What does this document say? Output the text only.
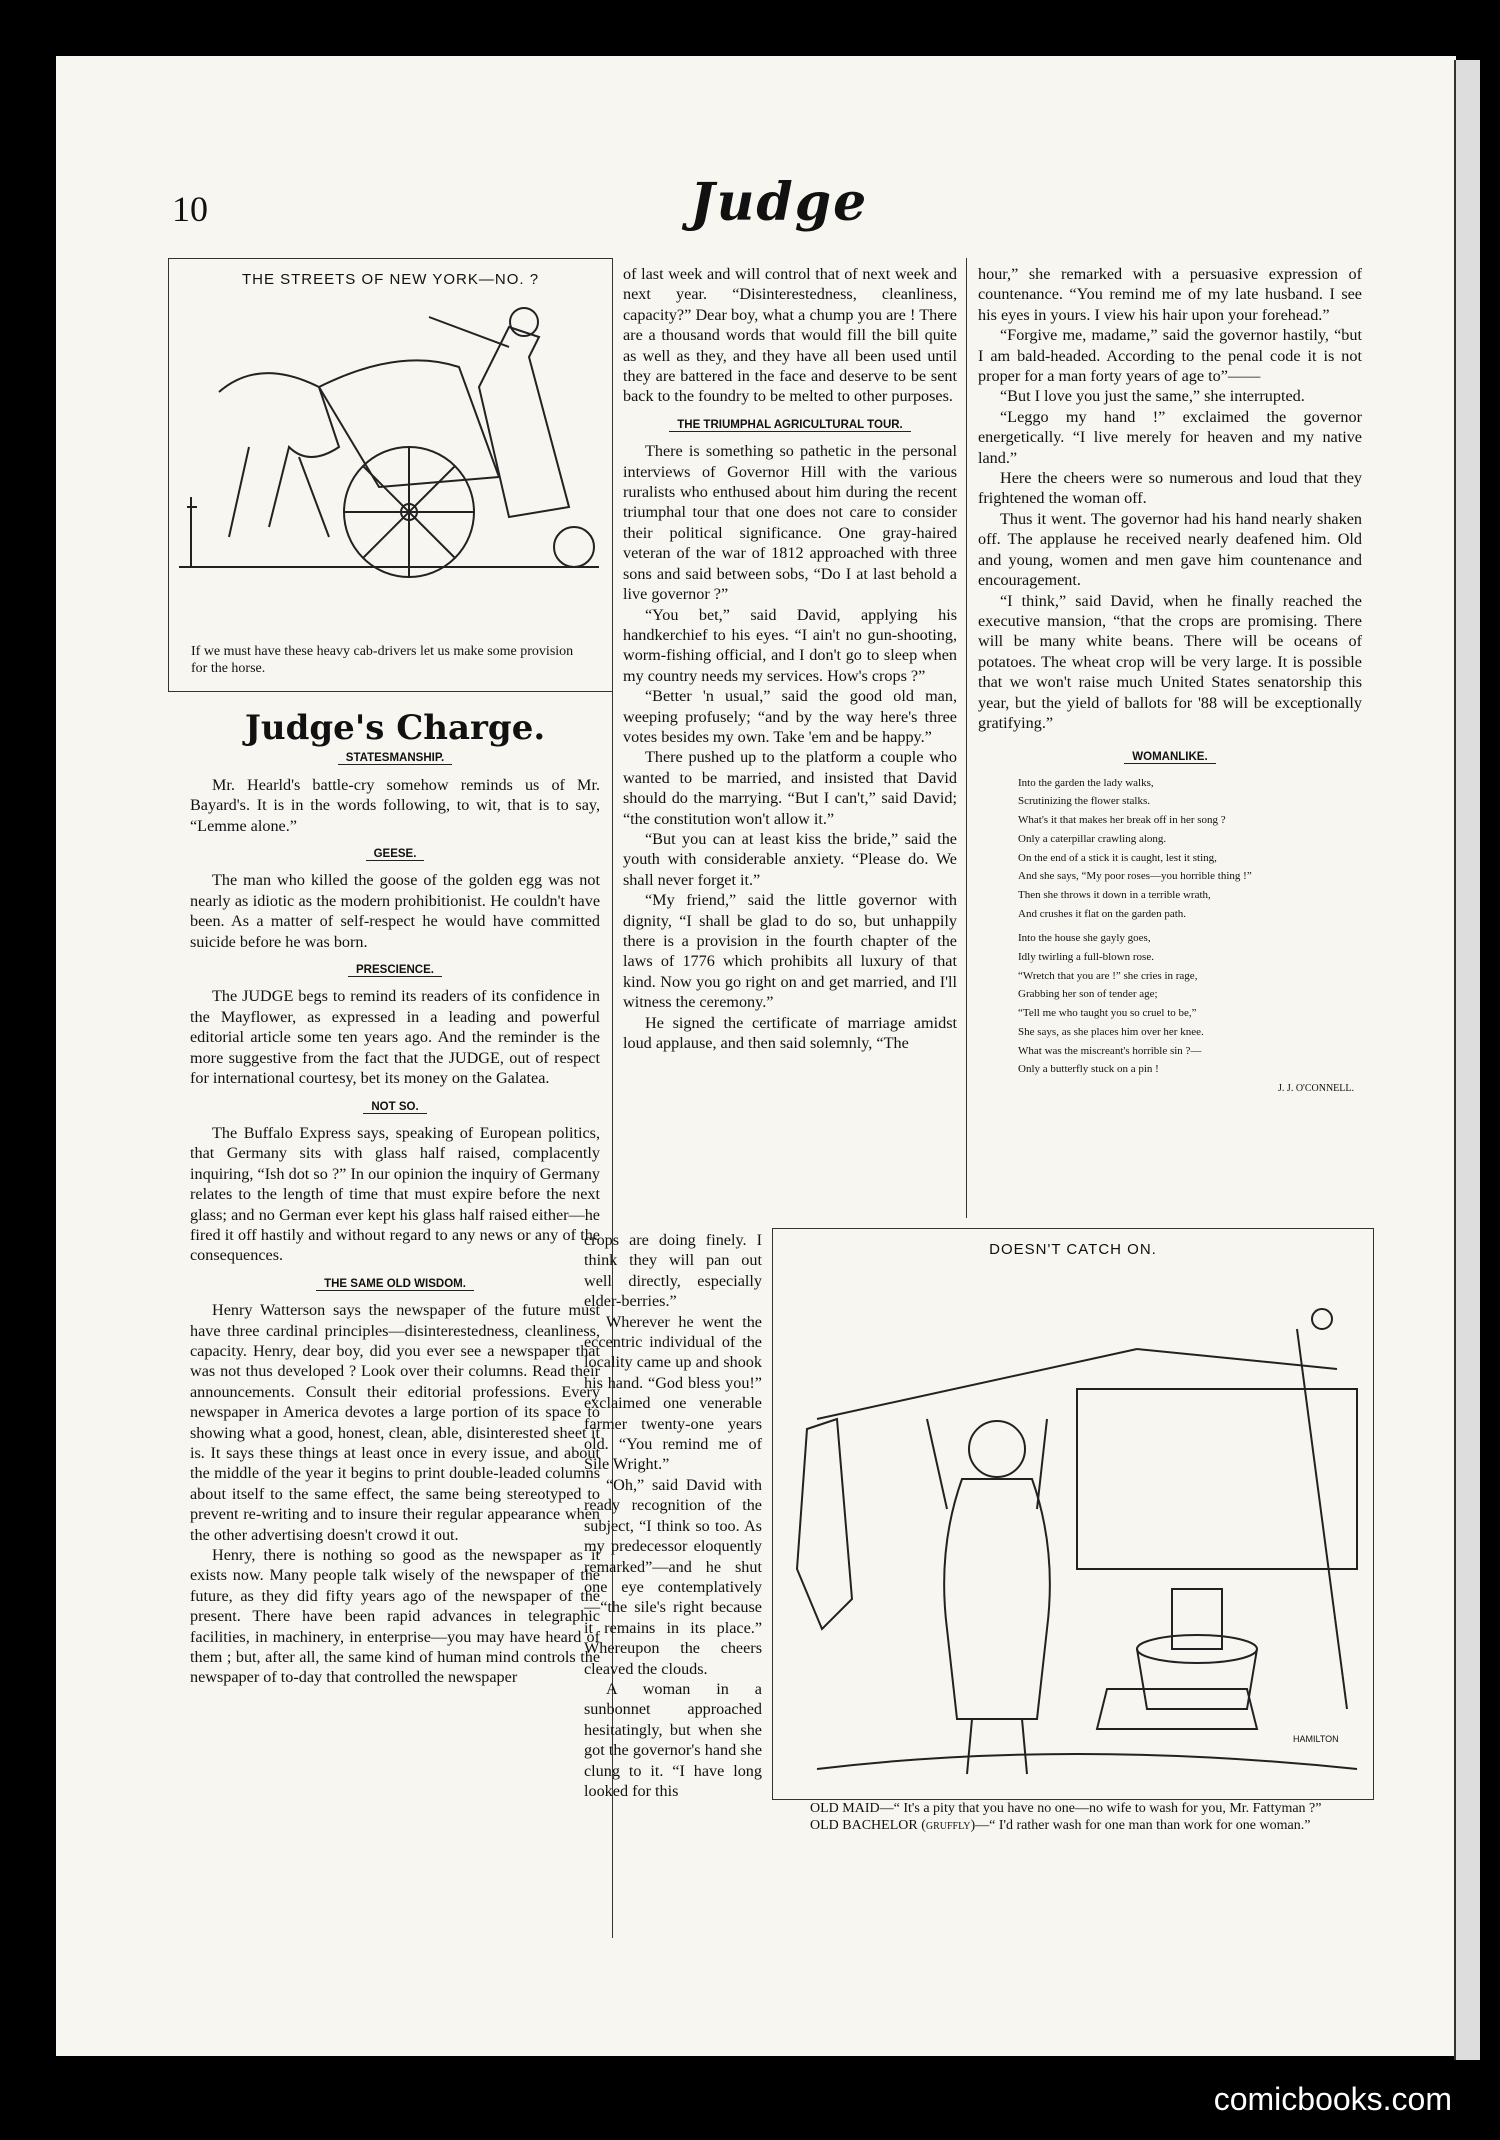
10	Judge
THE STREETS OF NEW YORK—NO. ?
If we must have these heavy cab-drivers let us make some provision for the horse.
Judge's Charge.
STATESMANSHIP.

Mr. Hearld's battle-cry somehow reminds us of Mr. Bayard's. It is in the words following, to wit, that is to say, “Lemme alone.”

GEESE.

The man who killed the goose of the golden egg was not nearly as idiotic as the modern prohibitionist. He couldn't have been. As a matter of self-respect he would have committed suicide before he was born.

PRESCIENCE.

The JUDGE begs to remind its readers of its confidence in the Mayflower, as expressed in a leading and powerful editorial article some ten years ago. And the reminder is the more suggestive from the fact that the JUDGE, out of respect for international courtesy, bet its money on the Galatea.

NOT SO.

The Buffalo Express says, speaking of European politics, that Germany sits with glass half raised, complacently inquiring, “Ish dot so ?” In our opinion the inquiry of Germany relates to the length of time that must expire before the next glass; and no German ever kept his glass half raised either—he fired it off hastily and without regard to any news or any of the consequences.

THE SAME OLD WISDOM.

Henry Watterson says the newspaper of the future must have three cardinal principles—disinterestedness, cleanliness, capacity. Henry, dear boy, did you ever see a newspaper that was not thus developed ? Look over their columns. Read their announcements. Consult their editorial professions. Every newspaper in America devotes a large portion of its space to showing what a good, honest, clean, able, disinterested sheet it is. It says these things at least once in every issue, and about the middle of the year it begins to print double-leaded columns about itself to the same effect, the same being stereotyped to prevent re-writing and to insure their regular appearance when the other advertising doesn't crowd it out.

Henry, there is nothing so good as the newspaper as it exists now. Many people talk wisely of the newspaper of the future, as they did fifty years ago of the newspaper of the present. There have been rapid advances in telegraphic facilities, in machinery, in enterprise—you may have heard of them ; but, after all, the same kind of human mind controls the newspaper of to-day that controlled the newspaper

of last week and will control that of next week and next year. “Disinterestedness, cleanliness, capacity?” Dear boy, what a chump you are ! There are a thousand words that would fill the bill quite as well as they, and they have all been used until they are battered in the face and deserve to be sent back to the foundry to be melted to other purposes.

THE TRIUMPHAL AGRICULTURAL TOUR.

There is something so pathetic in the personal interviews of Governor Hill with the various ruralists who enthused about him during the recent triumphal tour that one does not care to consider their political significance. One gray-haired veteran of the war of 1812 approached with three sons and said between sobs, “Do I at last behold a live governor ?”

“You bet,” said David, applying his handkerchief to his eyes. “I ain't no gun-shooting, worm-fishing official, and I don't go to sleep when my country needs my services. How's crops ?”

“Better 'n usual,” said the good old man, weeping profusely; “and by the way here's three votes besides my own. Take 'em and be happy.”

There pushed up to the platform a couple who wanted to be married, and insisted that David should do the marrying. “But I can't,” said David; “the constitution won't allow it.”

“But you can at least kiss the bride,” said the youth with considerable anxiety. “Please do. We shall never forget it.”

“My friend,” said the little governor with dignity, “I shall be glad to do so, but unhappily there is a provision in the fourth chapter of the laws of 1776 which prohibits all luxury of that kind. Now you go right on and get married, and I'll witness the ceremony.”

He signed the certificate of marriage amidst loud applause, and then said solemnly, “The

crops are doing finely. I think they will pan out well directly, especially elder-berries.”

Wherever he went the eccentric individual of the locality came up and shook his hand. “God bless you!” exclaimed one venerable farmer twenty-one years old. “You remind me of Sile Wright.”

“Oh,” said David with ready recognition of the subject, “I think so too. As my predecessor eloquently remarked”—and he shut one eye contemplatively—“the sile's right because it remains in its place.” Whereupon the cheers cleaved the clouds.

A woman in a sunbonnet approached hesitatingly, but when she got the governor's hand she clung to it. “I have long looked for this

hour,” she remarked with a persuasive expression of countenance. “You remind me of my late husband. I see his eyes in yours. I view his hair upon your forehead.”

“Forgive me, madame,” said the governor hastily, “but I am bald-headed. According to the penal code it is not proper for a man forty years of age to”——

“But I love you just the same,” she interrupted.

“Leggo my hand !” exclaimed the governor energetically. “I live merely for heaven and my native land.”

Here the cheers were so numerous and loud that they frightened the woman off.

Thus it went. The governor had his hand nearly shaken off. The applause he received nearly deafened him. Old and young, women and men gave him countenance and encouragement.

“I think,” said David, when he finally reached the executive mansion, “that the crops are promising. There will be many white beans. There will be oceans of potatoes. The wheat crop will be very large. It is possible that we won't raise much United States senatorship this year, but the yield of ballots for '88 will be exceptionally gratifying.”

WOMANLIKE.
Into the garden the lady walks,
Scrutinizing the flower stalks.
What's it that makes her break off in her song ?
Only a caterpillar crawling along.
On the end of a stick it is caught, lest it sting,
And she says, “My poor roses—you horrible thing !”
Then she throws it down in a terrible wrath,
And crushes it flat on the garden path.
Into the house she gayly goes,
Idly twirling a full-blown rose.
“Wretch that you are !” she cries in rage,
Grabbing her son of tender age;
“Tell me who taught you so cruel to be,”
She says, as she places him over her knee.
What was the miscreant's horrible sin ?—
Only a butterfly stuck on a pin !
J. J. O'CONNELL.
DOESN'T CATCH ON.
HAMILTON
OLD MAID—“ It's a pity that you have no one—no wife to wash for you, Mr. Fattyman ?”
OLD BACHELOR (gruffly)—“ I'd rather wash for one man than work for one woman.”
comicbooks.com
